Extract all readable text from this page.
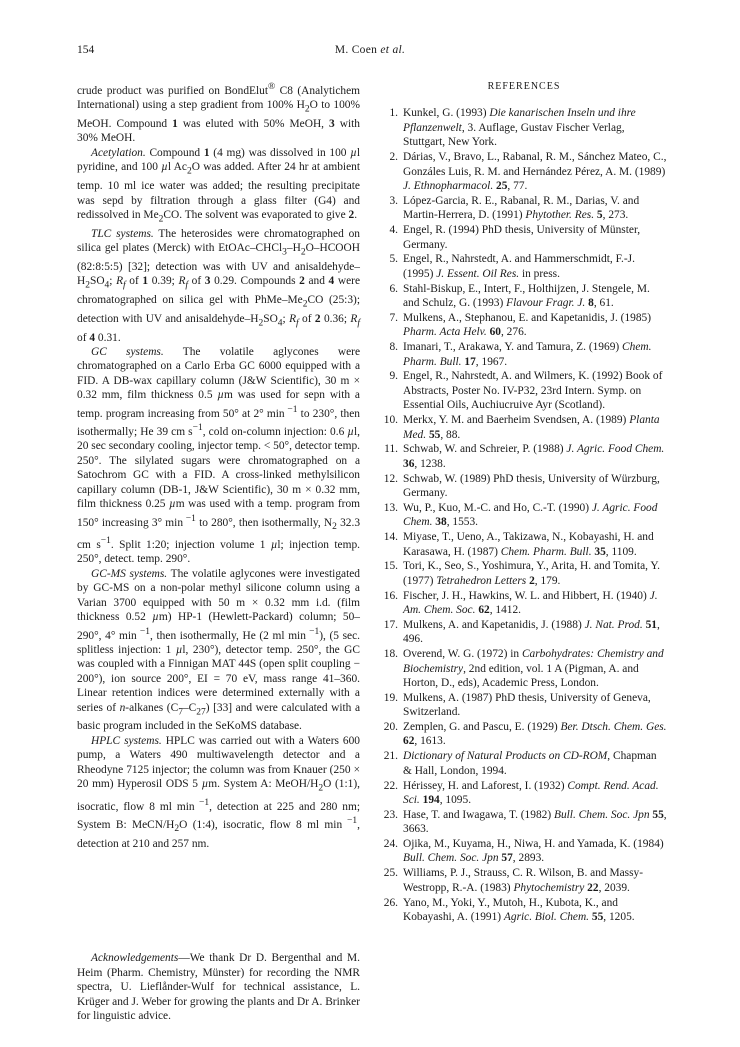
154	M. Coen et al.

crude product was purified on BondElut® C8 (Analytichem International) using a step gradient from 100% $H_2O$ to 100% MeOH. Compound 1 was eluted with 50% MeOH, 3 with 30% MeOH.

Acetylation. Compound 1 (4 mg) was dissolved in 100 µl pyridine, and 100 µl $Ac_2O$ was added. After 24 hr at ambient temp. 10 ml ice water was added; the resulting precipitate was sepd by filtration through a glass filter (G4) and redissolved in $Me_2CO$. The solvent was evaporated to give 2.

TLC systems. The heterosides were chromatographed on silica gel plates (Merck) with EtOAc–$CHCl_3-H_2O$–HCOOH (82:8:5:5) [32]; detection was with UV and anisaldehyde–$H_2SO_4$; $R_f$ of 1 0.39; $R_f$ of 3 0.29. Compounds 2 and 4 were chromatographed on silica gel with PhMe–$Me_2CO$ (25:3); detection with UV and anisaldehyde–$H_2SO_4$; $R_f$ of 2 0.36; $R_f$ of 4 0.31.

GC systems. The volatile aglycones were chromatographed on a Carlo Erba GC 6000 equipped with a FID. A DB-wax capillary column (J&W Scientific), 30 m × 0.32 mm, film thickness 0.5 µm was used for sepn with a temp. program increasing from 50° at 2° min $^{-1}$ to 230°, then isothermally; He 39 cm $s^{-1}$, cold on-column injection: 0.6 µl, 20 sec secondary cooling, injector temp. < 50°, detector temp. 250°. The silylated sugars were chromatographed on a Satochrom GC with a FID. A cross-linked methylsilicon capillary column (DB-1, J&W Scientific), 30 m × 0.32 mm, film thickness 0.25 µm was used with a temp. program from 150° increasing 3° min $^{-1}$ to 280°, then isothermally, $N_2$ 32.3 cm $s^{-1}$. Split 1:20; injection volume 1 µl; injection temp. 250°, detect. temp. 290°.

GC-MS systems. The volatile aglycones were investigated by GC-MS on a non-polar methyl silicone column using a Varian 3700 equipped with 50 m × 0.32 mm i.d. (film thickness 0.52 µm) HP-1 (Hewlett-Packard) column; 50–290°, 4° min $^{-1}$, then isothermally, He (2 ml min $^{-1}$), (5 sec. splitless injection: 1 µl, 230°), detector temp. 250°, the GC was coupled with a Finnigan MAT 44S (open split coupling − 200°), ion source 200°, EI = 70 eV, mass range 41–360. Linear retention indices were determined externally with a series of n-alkanes $(C_7-C_{27})$ [33] and were calculated with a basic program included in the SeKoMS database.

HPLC systems. HPLC was carried out with a Waters 600 pump, a Waters 490 multiwavelength detector and a Rheodyne 7125 injector; the column was from Knauer (250 × 20 mm) Hyperosil ODS 5 µm. System A: MeOH/$H_2O$ (1:1), isocratic, flow 8 ml min $^{-1}$, detection at 225 and 280 nm; System B: MeCN/$H_2O$ (1:4), isocratic, flow 8 ml min $^{-1}$, detection at 210 and 257 nm.

Acknowledgements—We thank Dr D. Bergenthal and M. Heim (Pharm. Chemistry, Münster) for recording the NMR spectra, U. Lieflånder-Wulf for technical assistance, L. Krüger and J. Weber for growing the plants and Dr A. Brinker for linguistic advice.

REFERENCES
1. Kunkel, G. (1993) Die kanarischen Inseln und ihre Pflanzenwelt, 3. Auflage, Gustav Fischer Verlag, Stuttgart, New York.
2. Dárias, V., Bravo, L., Rabanal, R. M., Sánchez Mateo, C., Gonzáles Luis, R. M. and Hernández Pérez, A. M. (1989) J. Ethnopharmacol. 25, 77.
3. López-Garcia, R. E., Rabanal, R. M., Darias, V. and Martin-Herrera, D. (1991) Phytother. Res. 5, 273.
4. Engel, R. (1994) PhD thesis, University of Münster, Germany.
5. Engel, R., Nahrstedt, A. and Hammerschmidt, F.-J. (1995) J. Essent. Oil Res. in press.
6. Stahl-Biskup, E., Intert, F., Holthijzen, J. Stengele, M. and Schulz, G. (1993) Flavour Fragr. J. 8, 61.
7. Mulkens, A., Stephanou, E. and Kapetanidis, J. (1985) Pharm. Acta Helv. 60, 276.
8. Imanari, T., Arakawa, Y. and Tamura, Z. (1969) Chem. Pharm. Bull. 17, 1967.
9. Engel, R., Nahrstedt, A. and Wilmers, K. (1992) Book of Abstracts, Poster No. IV-P32, 23rd Intern. Symp. on Essential Oils, Auchiucruive Ayr (Scotland).
10. Merkx, Y. M. and Baerheim Svendsen, A. (1989) Planta Med. 55, 88.
11. Schwab, W. and Schreier, P. (1988) J. Agric. Food Chem. 36, 1238.
12. Schwab, W. (1989) PhD thesis, University of Würzburg, Germany.
13. Wu, P., Kuo, M.-C. and Ho, C.-T. (1990) J. Agric. Food Chem. 38, 1553.
14. Miyase, T., Ueno, A., Takizawa, N., Kobayashi, H. and Karasawa, H. (1987) Chem. Pharm. Bull. 35, 1109.
15. Tori, K., Seo, S., Yoshimura, Y., Arita, H. and Tomita, Y. (1977) Tetrahedron Letters 2, 179.
16. Fischer, J. H., Hawkins, W. L. and Hibbert, H. (1940) J. Am. Chem. Soc. 62, 1412.
17. Mulkens, A. and Kapetanidis, J. (1988) J. Nat. Prod. 51, 496.
18. Overend, W. G. (1972) in Carbohydrates: Chemistry and Biochemistry, 2nd edition, vol. 1 A (Pigman, A. and Horton, D., eds), Academic Press, London.
19. Mulkens, A. (1987) PhD thesis, University of Geneva, Switzerland.
20. Zemplen, G. and Pascu, E. (1929) Ber. Dtsch. Chem. Ges. 62, 1613.
21. Dictionary of Natural Products on CD-ROM, Chapman & Hall, London, 1994.
22. Hérissey, H. and Laforest, I. (1932) Compt. Rend. Acad. Sci. 194, 1095.
23. Hase, T. and Iwagawa, T. (1982) Bull. Chem. Soc. Jpn 55, 3663.
24. Ojika, M., Kuyama, H., Niwa, H. and Yamada, K. (1984) Bull. Chem. Soc. Jpn 57, 2893.
25. Williams, P. J., Strauss, C. R. Wilson, B. and Massy-Westropp, R.-A. (1983) Phytochemistry 22, 2039.
26. Yano, M., Yoki, Y., Mutoh, H., Kubota, K., and Kobayashi, A. (1991) Agric. Biol. Chem. 55, 1205.
